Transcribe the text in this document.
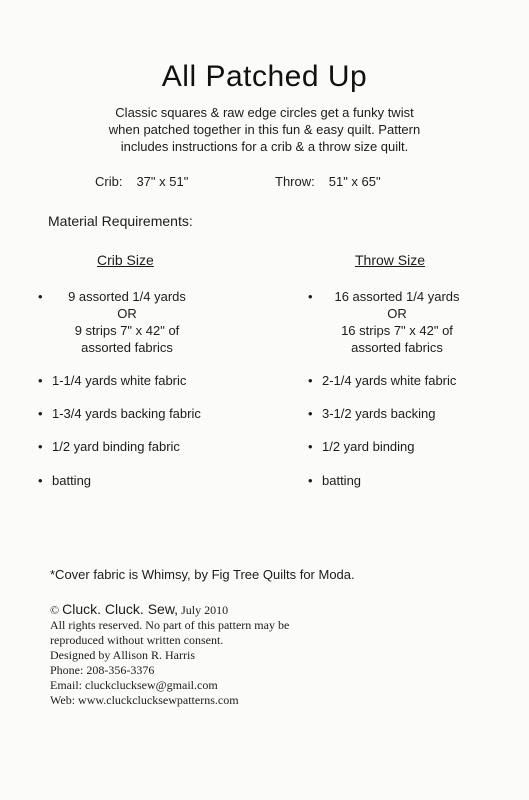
All Patched Up
Classic squares & raw edge circles get a funky twist
when patched together in this fun & easy quilt. Pattern
includes instructions for a crib & a throw size quilt.
Crib: 37" x 51"	Throw: 51" x 65"
Material Requirements:
Crib Size	Throw Size
•	9 assorted 1/4 yards
OR
9 strips 7" x 42" of
assorted fabrics
• 1-1/4 yards white fabric
• 1-3/4 yards backing fabric
• 1/2 yard binding fabric
• batting
•	16 assorted 1/4 yards
OR
16 strips 7" x 42" of
assorted fabrics
• 2-1/4 yards white fabric
• 3-1/2 yards backing
• 1/2 yard binding
• batting
*Cover fabric is Whimsy, by Fig Tree Quilts for Moda.
© Cluck. Cluck. Sew, July 2010
All rights reserved. No part of this pattern may be
reproduced without written consent.
Designed by Allison R. Harris
Phone: 208-356-3376
Email: cluckclucksew@gmail.com
Web: www.cluckclucksewpatterns.com
